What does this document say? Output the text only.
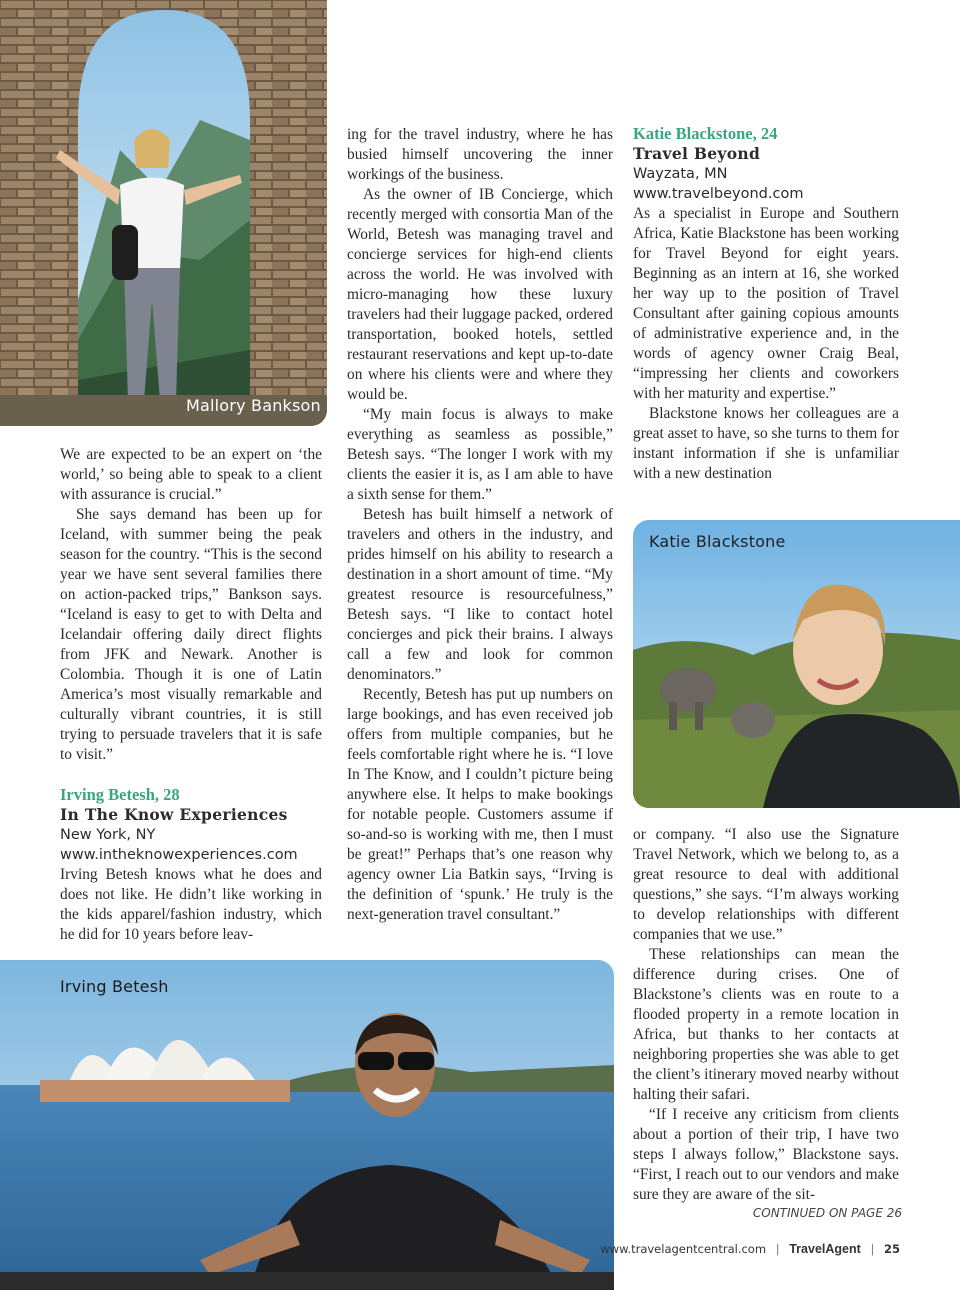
Mallory Bankson

We are expected to be an expert on ‘the world,’ so being able to speak to a client with assurance is crucial.”

She says demand has been up for Iceland, with summer being the peak season for the country. “This is the second year we have sent several families there on action-packed trips,” Bankson says. “Iceland is easy to get to with Delta and Icelandair offering daily direct flights from JFK and Newark. Another is Colombia. Though it is one of Latin America’s most visually remarkable and culturally vibrant countries, it is still trying to persuade travelers that it is safe to visit.”

Irving Betesh, 28
In The Know Experiences
New York, NY
www.intheknowexperiences.com

Irving Betesh knows what he does and does not like. He didn’t like working in the kids apparel/fashion industry, which he did for 10 years before leav-

ing for the travel industry, where he has busied himself uncovering the inner workings of the business.

As the owner of IB Concierge, which recently merged with consortia Man of the World, Betesh was managing travel and concierge services for high-end clients across the world. He was involved with micro-managing how these luxury travelers had their luggage packed, ordered transportation, booked hotels, settled restaurant reservations and kept up-to-date on where his clients were and where they would be.

“My main focus is always to make everything as seamless as possible,” Betesh says. “The longer I work with my clients the easier it is, as I am able to have a sixth sense for them.”

Betesh has built himself a network of travelers and others in the industry, and prides himself on his ability to research a destination in a short amount of time. “My greatest resource is resourcefulness,” Betesh says. “I like to contact hotel concierges and pick their brains. I always call a few and look for common denominators.”

Recently, Betesh has put up numbers on large bookings, and has even received job offers from multiple companies, but he feels comfortable right where he is. “I love In The Know, and I couldn’t picture being anywhere else. It helps to make bookings for notable people. Customers assume if so-and-so is working with me, then I must be great!” Perhaps that’s one reason why agency owner Lia Batkin says, “Irving is the definition of ‘spunk.’ He truly is the next-generation travel consultant.”

Katie Blackstone, 24
Travel Beyond
Wayzata, MN
www.travelbeyond.com

As a specialist in Europe and Southern Africa, Katie Blackstone has been working for Travel Beyond for eight years. Beginning as an intern at 16, she worked her way up to the position of Travel Consultant after gaining copious amounts of administrative experience and, in the words of agency owner Craig Beal, “impressing her clients and coworkers with her maturity and expertise.”

Blackstone knows her colleagues are a great asset to have, so she turns to them for instant information if she is unfamiliar with a new destination

Katie Blackstone

or company. “I also use the Signature Travel Network, which we belong to, as a great resource to deal with additional questions,” she says. “I’m always working to develop relationships with different companies that we use.”

These relationships can mean the difference during crises. One of Blackstone’s clients was en route to a flooded property in a remote location in Africa, but thanks to her contacts at neighboring properties she was able to get the client’s itinerary moved nearby without halting their safari.

“If I receive any criticism from clients about a portion of their trip, I have two steps I always follow,” Blackstone says. “First, I reach out to our vendors and make sure they are aware of the sit-

Irving Betesh
CONTINUED ON PAGE 26
www.travelagentcentral.com | TravelAgent | 25
